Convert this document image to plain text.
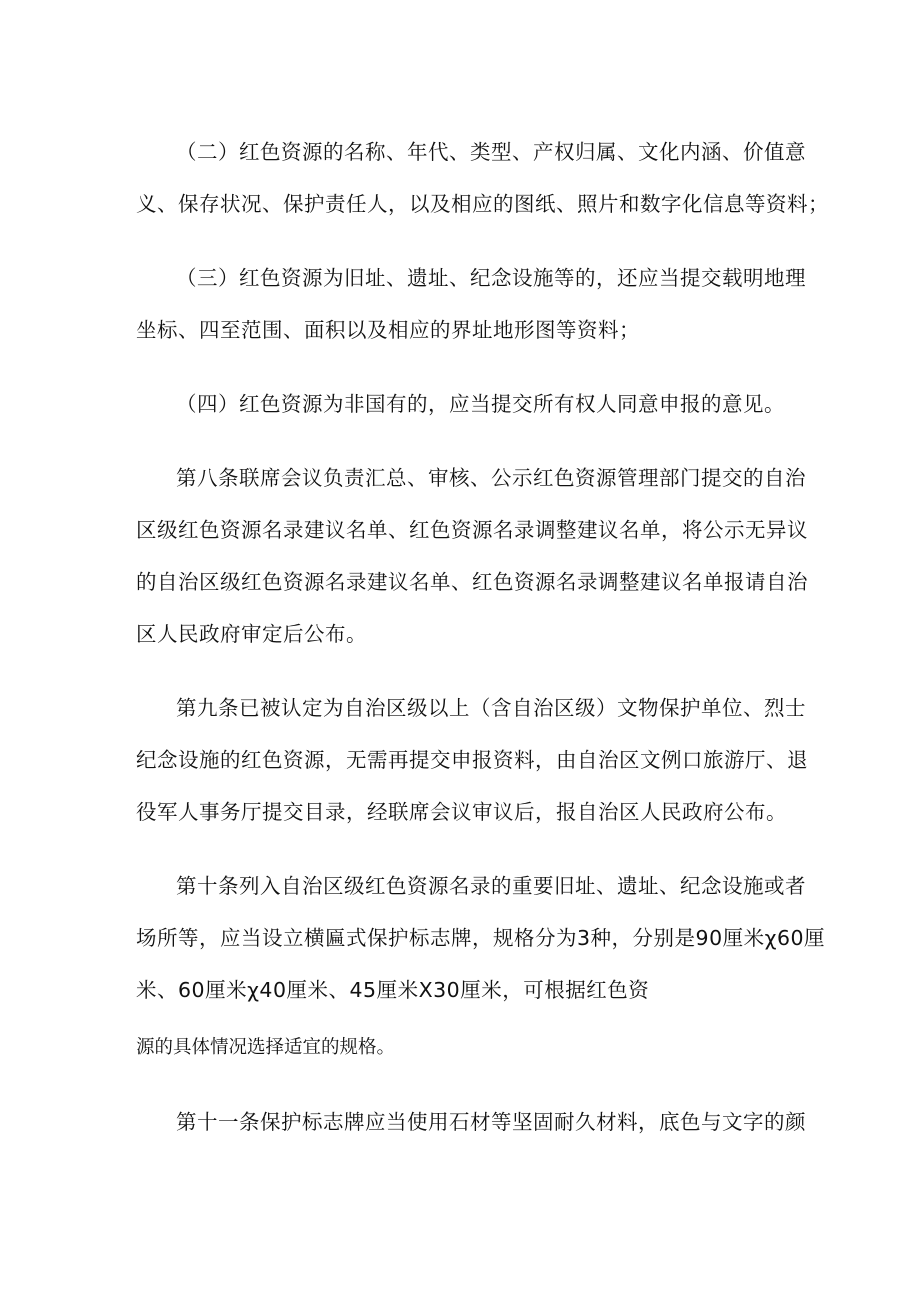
（二）红色资源的名称、年代、类型、产权归属、文化内涵、价值意

义、保存状况、保护责任人，以及相应的图纸、照片和数字化信息等资料；

（三）红色资源为旧址、遗址、纪念设施等的，还应当提交载明地理

坐标、四至范围、面积以及相应的界址地形图等资料；

（四）红色资源为非国有的，应当提交所有权人同意申报的意见。

第八条联席会议负责汇总、审核、公示红色资源管理部门提交的自治

区级红色资源名录建议名单、红色资源名录调整建议名单，将公示无异议

的自治区级红色资源名录建议名单、红色资源名录调整建议名单报请自治

区人民政府审定后公布。

第九条已被认定为自治区级以上（含自治区级）文物保护单位、烈士

纪念设施的红色资源，无需再提交申报资料，由自治区文例口旅游厅、退

役军人事务厅提交目录，经联席会议审议后，报自治区人民政府公布。

第十条列入自治区级红色资源名录的重要旧址、遗址、纪念设施或者

场所等，应当设立横匾式保护标志牌，规格分为3种，分别是90厘米χ60厘

米、60厘米χ40厘米、45厘米X30厘米，可根据红色资

源的具体情况选择适宜的规格。

第十一条保护标志牌应当使用石材等坚固耐久材料，底色与文字的颜
